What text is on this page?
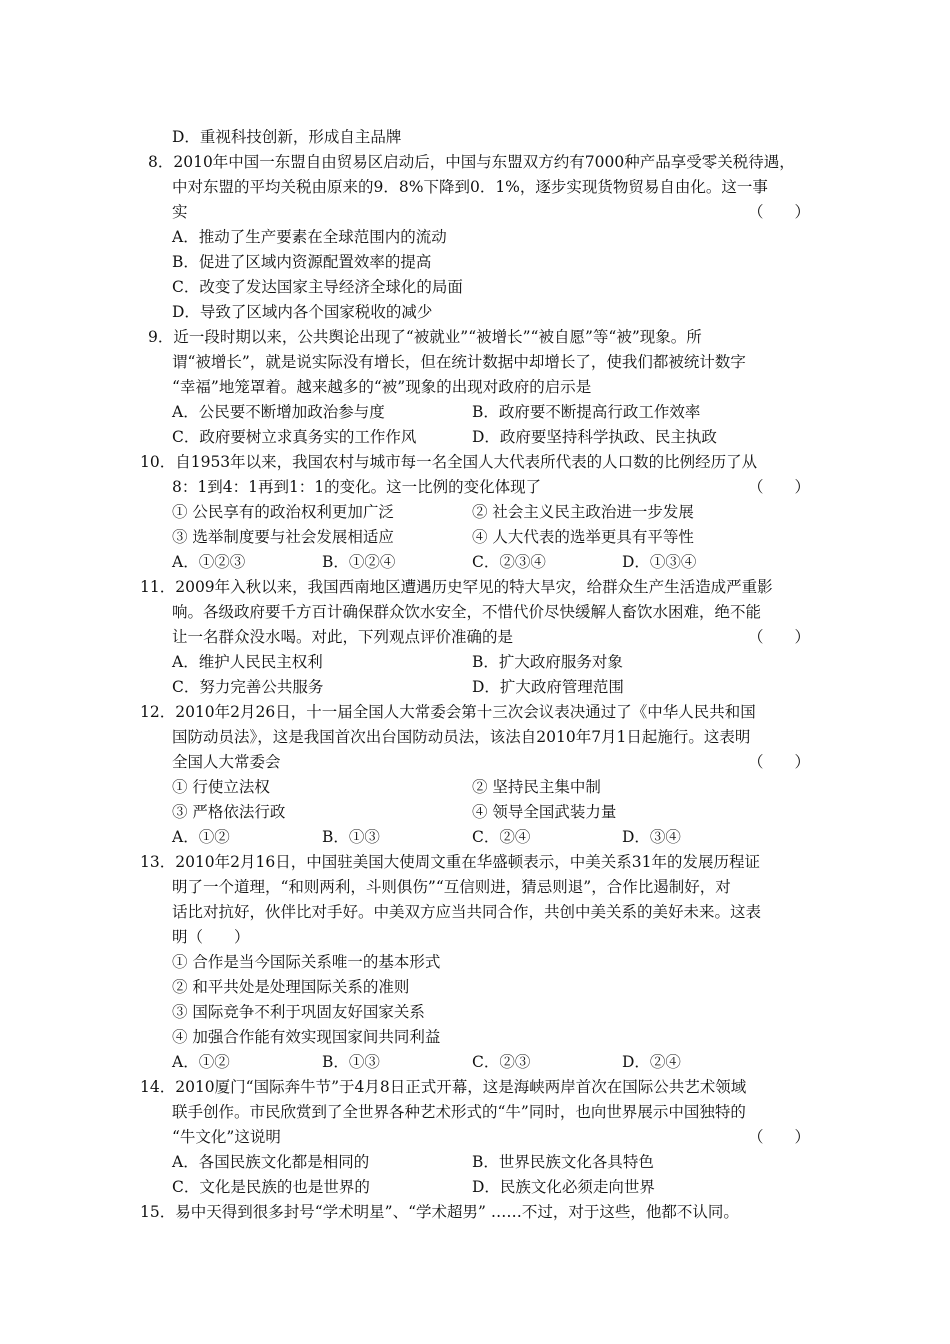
D．重视科技创新，形成自主品牌
8．2010年中国一东盟自由贸易区启动后，中国与东盟双方约有7000种产品享受零关税待遇，
中对东盟的平均关税由原来的9．8%下降到0．1%，逐步实现货物贸易自由化。这一事
实	（　　）
A．推动了生产要素在全球范围内的流动
B．促进了区域内资源配置效率的提高
C．改变了发达国家主导经济全球化的局面
D．导致了区域内各个国家税收的减少
9．近一段时期以来，公共舆论出现了“被就业”“被增长”“被自愿”等“被”现象。所
谓“被增长”，就是说实际没有增长，但在统计数据中却增长了，使我们都被统计数字
“幸福”地笼罩着。越来越多的“被”现象的出现对政府的启示是
A．公民要不断增加政治参与度	B．政府要不断提高行政工作效率
C．政府要树立求真务实的工作作风	D．政府要坚持科学执政、民主执政
10．自1953年以来，我国农村与城市每一名全国人大代表所代表的人口数的比例经历了从
8：1到4：1再到1：1的变化。这一比例的变化体现了	（　　）
① 公民享有的政治权利更加广泛	② 社会主义民主政治进一步发展
③ 选举制度要与社会发展相适应	④ 人大代表的选举更具有平等性
A．①②③	B．①②④	C．②③④	D．①③④
11．2009年入秋以来，我国西南地区遭遇历史罕见的特大旱灾，给群众生产生活造成严重影
响。各级政府要千方百计确保群众饮水安全，不惜代价尽快缓解人畜饮水困难，绝不能
让一名群众没水喝。对此，下列观点评价准确的是	（　　）
A．维护人民民主权利	B．扩大政府服务对象
C．努力完善公共服务	D．扩大政府管理范围
12．2010年2月26日，十一届全国人大常委会第十三次会议表决通过了《中华人民共和国
国防动员法》，这是我国首次出台国防动员法，该法自2010年7月1日起施行。这表明
全国人大常委会	（　　）
① 行使立法权	② 坚持民主集中制
③ 严格依法行政	④ 领导全国武装力量
A．①②	B．①③	C．②④	D．③④
13．2010年2月16日，中国驻美国大使周文重在华盛顿表示，中美关系31年的发展历程证
明了一个道理，“和则两利，斗则俱伤”“互信则进，猜忌则退”，合作比遏制好，对
话比对抗好，伙伴比对手好。中美双方应当共同合作，共创中美关系的美好未来。这表
明（　　）
① 合作是当今国际关系唯一的基本形式
② 和平共处是处理国际关系的准则
③ 国际竞争不利于巩固友好国家关系
④ 加强合作能有效实现国家间共同利益
A．①②	B．①③	C．②③	D．②④
14．2010厦门“国际奔牛节”于4月8日正式开幕，这是海峡两岸首次在国际公共艺术领域
联手创作。市民欣赏到了全世界各种艺术形式的“牛”同时，也向世界展示中国独特的
“牛文化”这说明	（　　）
A．各国民族文化都是相同的	B．世界民族文化各具特色
C．文化是民族的也是世界的	D．民族文化必须走向世界
15．易中天得到很多封号“学术明星”、“学术超男” ……不过，对于这些，他都不认同。
